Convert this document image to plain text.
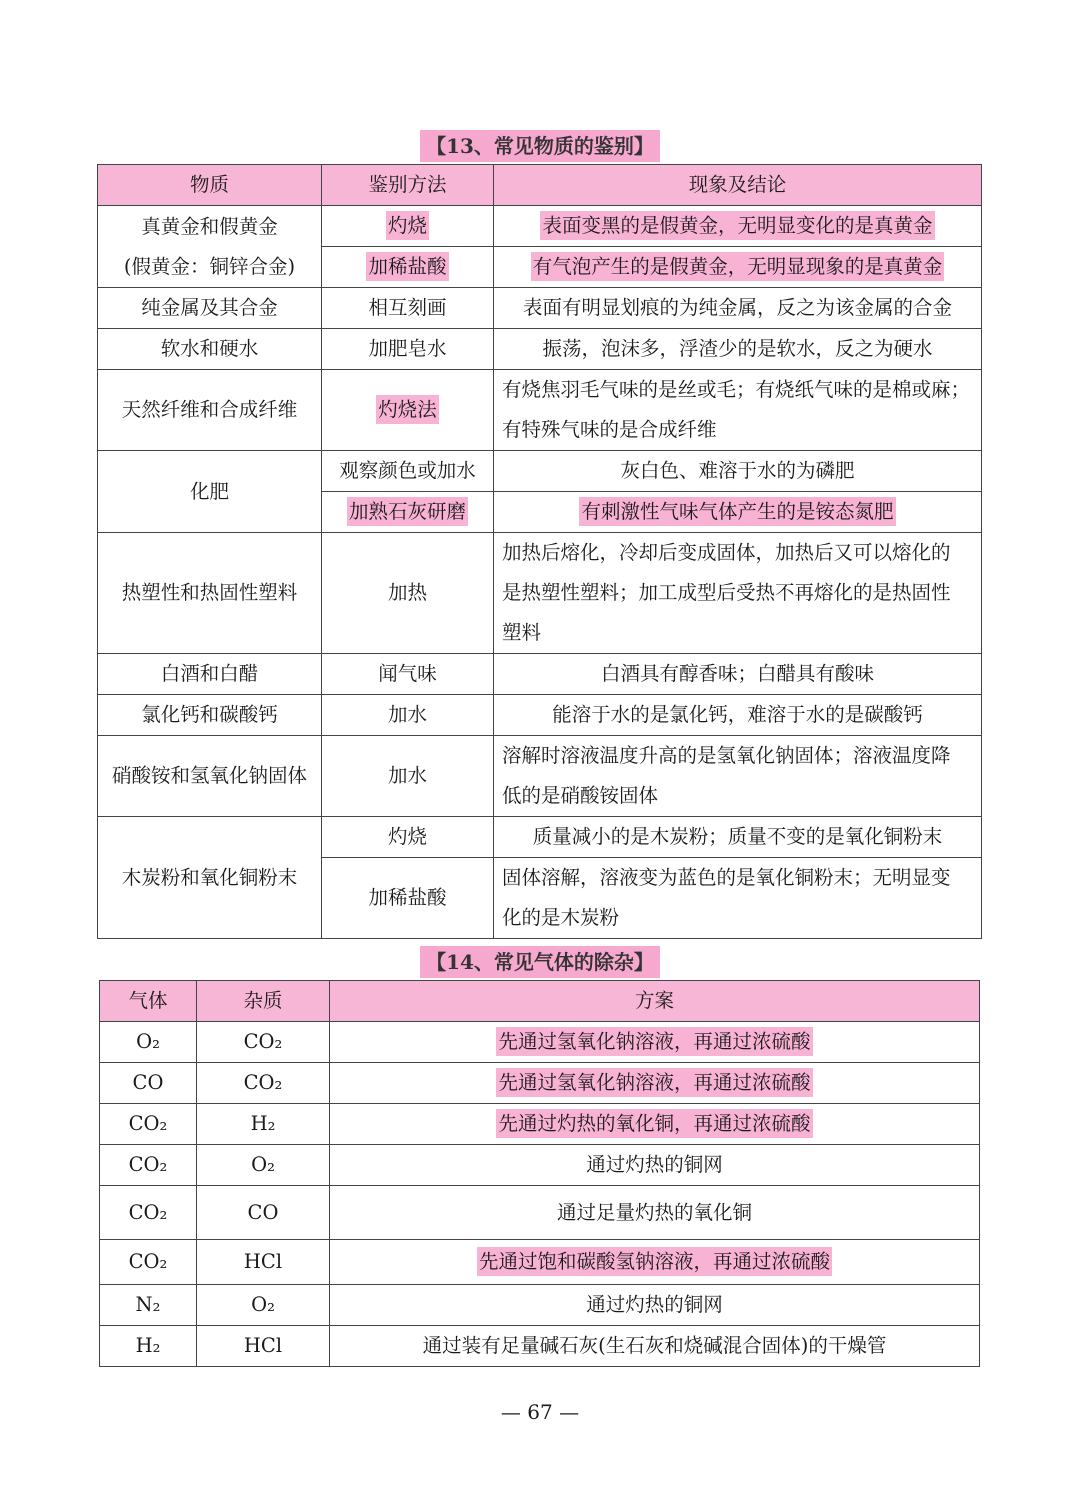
【13、常见物质的鉴别】
物质	鉴别方法	现象及结论

真黄金和假黄金
(假黄金：铜锌合金)	灼烧	表面变黑的是假黄金，无明显变化的是真黄金
	加稀盐酸	有气泡产生的是假黄金，无明显现象的是真黄金
纯金属及其合金	相互刻画	表面有明显划痕的为纯金属，反之为该金属的合金
软水和硬水	加肥皂水	振荡，泡沫多，浮渣少的是软水，反之为硬水
天然纤维和合成纤维	灼烧法	有烧焦羽毛气味的是丝或毛；有烧纸气味的是棉或麻；
有特殊气味的是合成纤维

化肥	观察颜色或加水	灰白色、难溶于水的为磷肥
	加熟石灰研磨	有刺激性气味气体产生的是铵态氮肥
热塑性和热固性塑料	加热	加热后熔化，冷却后变成固体，加热后又可以熔化的
是热塑性塑料；加工成型后受热不再熔化的是热固性
塑料

白酒和白醋	闻气味	白酒具有醇香味；白醋具有酸味
氯化钙和碳酸钙	加水	能溶于水的是氯化钙，难溶于水的是碳酸钙
硝酸铵和氢氧化钠固体	加水	溶解时溶液温度升高的是氢氧化钠固体；溶液温度降
低的是硝酸铵固体

木炭粉和氧化铜粉末	灼烧	质量减小的是木炭粉；质量不变的是氧化铜粉末
	加稀盐酸	固体溶解，溶液变为蓝色的是氧化铜粉末；无明显变
化的是木炭粉
【14、常见气体的除杂】
气体	杂质	方案
O₂	CO₂	先通过氢氧化钠溶液，再通过浓硫酸
CO	CO₂	先通过氢氧化钠溶液，再通过浓硫酸
CO₂	H₂	先通过灼热的氧化铜，再通过浓硫酸
CO₂	O₂	通过灼热的铜网
CO₂	CO	通过足量灼热的氧化铜
CO₂	HCl	先通过饱和碳酸氢钠溶液，再通过浓硫酸
N₂	O₂	通过灼热的铜网
H₂	HCl	通过装有足量碱石灰(生石灰和烧碱混合固体)的干燥管
— 67 —
